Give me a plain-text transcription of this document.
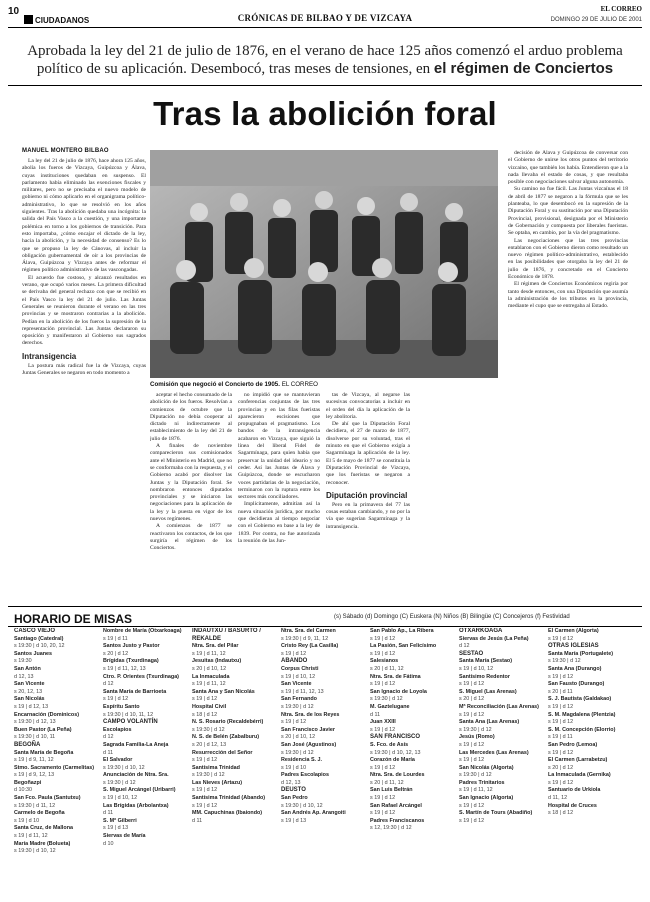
10
CIUDADANOS	CRÓNICAS DE BILBAO Y DE VIZCAYA
EL CORREO
DOMINGO 29 DE JULIO DE 2001
Aprobada la ley del 21 de julio de 1876, en el verano de hace 125 años comenzó el arduo problema
político de su aplicación. Desembocó, tras meses de tensiones, en el régimen de Conciertos
Tras la abolición foral
MANUEL MONTERO BILBAO

La ley del 21 de julio de 1876, hace ahora 125 años, abolía los fueros de Vizcaya, Guipúzcoa y Álava, cuyas instituciones quedaban en suspenso. El parlamento había eliminado las exenciones fiscales y militares, pero no se precisaba el nuevo modelo de gobierno ni cómo aplicarlo en el organigrama político-administrativo, lo que se resolvió en los años siguientes. Tras la abolición quedaba una incógnita: la salida del País Vasco a la cuestión, y una importante polémica en torno a los gobiernos de transición. Para esto importaba, ¿cómo encajar el dictado de la ley, hacia la abolición, y la necesidad de consenso? Es lo que se propuso la ley de Cánovas, al incluir la obligación gubernamental de oír a los provincias de Álava, Guipúzcoa y Vizcaya antes de reformar el régimen político administrativo de las vascongadas.

El acuerdo fue costoso, y alcanzó resultados en verano, que ocupó varios meses. La primera dificultad se derivaba del general rechazo con que se recibió en el País Vasco la ley del 21 de julio. Las Juntas Generales se reunieron durante el verano en las tres provincias y se mostraron contrarias a la abolición. Pedían en la abolición de los fueros la supresión de la representación provincial. Las Juntas declararon su oposición y manifestaron al Gobierno sus sagrados derechos.

Intransigencia

La postura más radical fue la de Vizcaya, cuyas Juntas Generales se negaron en todo momento a

Comisión que negoció el Concierto de 1905. EL CORREO

aceptar el hecho consumado de la abolición de los fueros. Resolvían a comienzos de octubre que la Diputación no debía cooperar al dictado ni indirectamente al establecimiento de la ley del 21 de julio de 1876.

A finales de noviembre comparecieron sus comisionados ante el Ministerio en Madrid, que no se conformaba con la respuesta, y el Gobierno acabó por disolver las Juntas y la Diputación foral. Se nombraron entonces diputados provinciales y se iniciaron las negociaciones para la aplicación de la ley y la puesta en vigor de los nuevos regímenes.

A comienzos de 1877 se reactivaron los contactos, de los que surgiría el régimen de los Conciertos.

no impidió que se mantuvieran conferencias conjuntas de las tres provincias y en las filas fueristas aparecieron escisiones que propugnaban el pragmatismo. Los bandos de la intransigencia acabaron en Vizcaya, que siguió la línea del liberal Fidel de Sagarmínaga, para quien había que preservar la unidad del ideario y no ceder. Así las Juntas de Álava y Guipúzcoa, donde se escucharon voces partidarias de la negociación, terminaron con la ruptura entre los sectores más conciliadores.

Implícitamente, admitían así la nueva situación jurídica, por mucho que decidieran al tiempo negociar con el Gobierno en base a la ley de 1839. Por contra, no fue autorizada la reunión de las Jun-

tas de Vizcaya, al negarse las sucesivas convocatorias a incluir en el orden del día la aplicación de la ley abolitoria.

De ahí que la Diputación Foral decidiera, el 27 de marzo de 1877, disolverse por su voluntad, tras el minuto en que el Gobierno exigía a Sagarmínaga la aplicación de la ley. El 5 de mayo de 1877 se constituía la Diputación Provincial de Vizcaya, que los fueristas se negaron a reconocer.

Diputación provincial

Pero en la primavera del 77 las cosas estaban cambiando, y no por la vía que sugerían Sagarmínaga y la intransigencia.

decisión de Álava y Guipúzcoa de conversar con el Gobierno de unirse los otros puntos del territorio vizcaíno, que también los había. Entendieron que a la nada llevaba el estado de cosas, y que resultaba posible con negociaciones salvar alguna autonomía.

Su camino no fue fácil. Las Juntas vizcaínas el 18 de abril de 1877 se negaron a la fórmula que se les planteaba, lo que desembocó en la supresión de la Diputación Foral y su sustitución por una Diputación Provincial, provisional, designada por el Ministerio de Gobernación y compuesta por liberales fueristas. Se optaba, en cambio, por la vía del pragmatismo.

Las negociaciones que las tres provincias entablaron con el Gobierno dieron como resultado un nuevo régimen político-administrativo, establecido en las posibilidades que otorgaba la ley del 21 de julio de 1876, y concretado en el Concierto Económico de 1878.

El régimen de Conciertos Económicos regiría por tanto desde entonces, con una Diputación que asumía la administración de los tributos en la provincia, mediante el cupo que se entregaba al Estado.

HORARIO DE MISAS	(s) Sábado (d) Domingo (C) Euskera (N) Niños (B) Bilingüe (C) Concejeros (f) Festividad
CASCO VIEJO
Santiago (Catedral)
s 19:30 | d 10, 20, 12
Santos Juanes
s 19:30
San Antón
d 12, 13
San Vicente
s 20, 12, 13
San Nicolás
s 19 | d 12, 13
Encarnación (Dominicos)
s 19:30 | d 12, 13
Buen Pastor (La Peña)
s 19:30 | d 10, 11
BEGOÑA
Santa María de Begoña
s 19 | d 9, 11, 12
Stmo. Sacramento (Carmelitas)
s 19 | d 9, 12, 13
Begoñazpi
d 10:30
San Fco. Paula (Santutxu)
s 19:30 | d 11, 12
Carmelo de Begoña
s 19 | d 10
Santa Cruz, de Mallona
s 19 | d 11, 12
María Madre (Bolueta)
s 19:30 | d 10, 12
Nombre de María (Otxarkoaga)
s 19 | d 11
Santos Justo y Pastor
s 20 | d 12
Brígidas (Txurdinaga)
s 19 | d 11, 12, 13
Ctro. P. Orientes (Txurdinaga)
d 12
Santa María de Barrioeta
s 19 | d 12
Espíritu Santo
s 19:30 | d 10, 11, 12
CAMPO VOLANTÍN
Escolapios
d 12
Sagrada Familia-La Aneja
d 11
El Salvador
s 19:30 | d 10, 12
Anunciación de Ntra. Sra.
s 19:30 | d 12
S. Miguel Arcángel (Uribarri)
s 19 | d 10, 12
Las Brígidas (Arbolantxa)
d 11
S. Mª Gilberri
s 19 | d 13
Siervas de María
d 10
INDAUTXU / BASURTO / REKALDE
Ntra. Sra. del Pilar
s 19 | d 11, 12
Jesuitas (Indautxu)
s 20 | d 10, 12
La Inmaculada
s 19 | d 11, 12
Santa Ana y San Nicolás
s 19 | d 12
Hospital Civil
s 18 | d 12
N. S. Rosario (Recaldebérri)
s 19:30 | d 12
N. S. de Belén (Zabalburu)
s 20 | d 12, 13
Resurrección del Señor
s 19 | d 12
Santísima Trinidad
s 19:30 | d 12
Las Nieves (Artazu)
s 19 | d 12
Santísima Trinidad (Abando)
s 19 | d 12
MM. Capuchinas (Ibaiondo)
d 11
Ntra. Sra. del Carmen
s 19:30 | d 9, 11, 12
Cristo Rey (La Casilla)
s 19 | d 12
ABANDO
Corpus Christi
s 19 | d 10, 12
San Vicente
s 19 | d 11, 12, 13
San Fernando
s 19:30 | d 12
Ntra. Sra. de los Reyes
s 19 | d 12
San Francisco Javier
s 20 | d 10, 12
San José (Agustinos)
s 19:30 | d 12
Residencia S. J.
s 19 | d 10
Padres Escolapios
d 12, 13
DEUSTO
San Pedro
s 19:30 | d 10, 12
San Andrés Ap. Arangoiti
s 19 | d 13
San Pablo Ap., La Ribera
s 19 | d 12
La Pasión, San Felicísimo
s 19 | d 12
Salesianos
s 20 | d 11, 12
Ntra. Sra. de Fátima
s 19 | d 12
San Ignacio de Loyola
s 19:30 | d 12
M. Gaztelugane
d 11
Juan XXIII
s 19 | d 12
SAN FRANCISCO
S. Fco. de Asís
s 19:30 | d 10, 12, 13
Corazón de María
s 19 | d 12
Ntra. Sra. de Lourdes
s 20 | d 11, 12
San Luis Beltrán
s 19 | d 12
San Rafael Arcángel
s 19 | d 12
Padres Franciscanos
s 12, 19:30 | d 12
OTXARKOAGA
Siervas de Jesús (La Peña)
d 12
SESTAO
Santa María (Sestao)
s 19 | d 10, 12
Santísimo Redentor
s 19 | d 12
S. Miguel (Las Arenas)
s 20 | d 12
Mª Reconciliación (Las Arenas)
s 19 | d 12
Santa Ana (Las Arenas)
s 19:30 | d 12
Jesús (Romo)
s 19 | d 12
Las Mercedes (Las Arenas)
s 19 | d 12
San Nicolás (Algorta)
s 19:30 | d 12
Padres Trinitarios
s 19 | d 11, 12
San Ignacio (Algorta)
s 19 | d 12
S. Martín de Tours (Abadiño)
s 19 | d 12
El Carmen (Algorta)
s 19 | d 12
OTRAS IGLESIAS
Santa María (Portugalete)
s 19:30 | d 12
Santa Ana (Durango)
s 19 | d 12
San Fausto (Durango)
s 20 | d 11
S. J. Bautista (Galdakao)
s 19 | d 12
S. M. Magdalena (Plentzia)
s 19 | d 12
S. M. Concepción (Elorrio)
s 19 | d 11
San Pedro (Lemoa)
s 19 | d 12
El Carmen (Larrabetzu)
s 20 | d 12
La Inmaculada (Gernika)
s 19 | d 12
Santuario de Urkiola
d 11, 12
Hospital de Cruces
s 18 | d 12
